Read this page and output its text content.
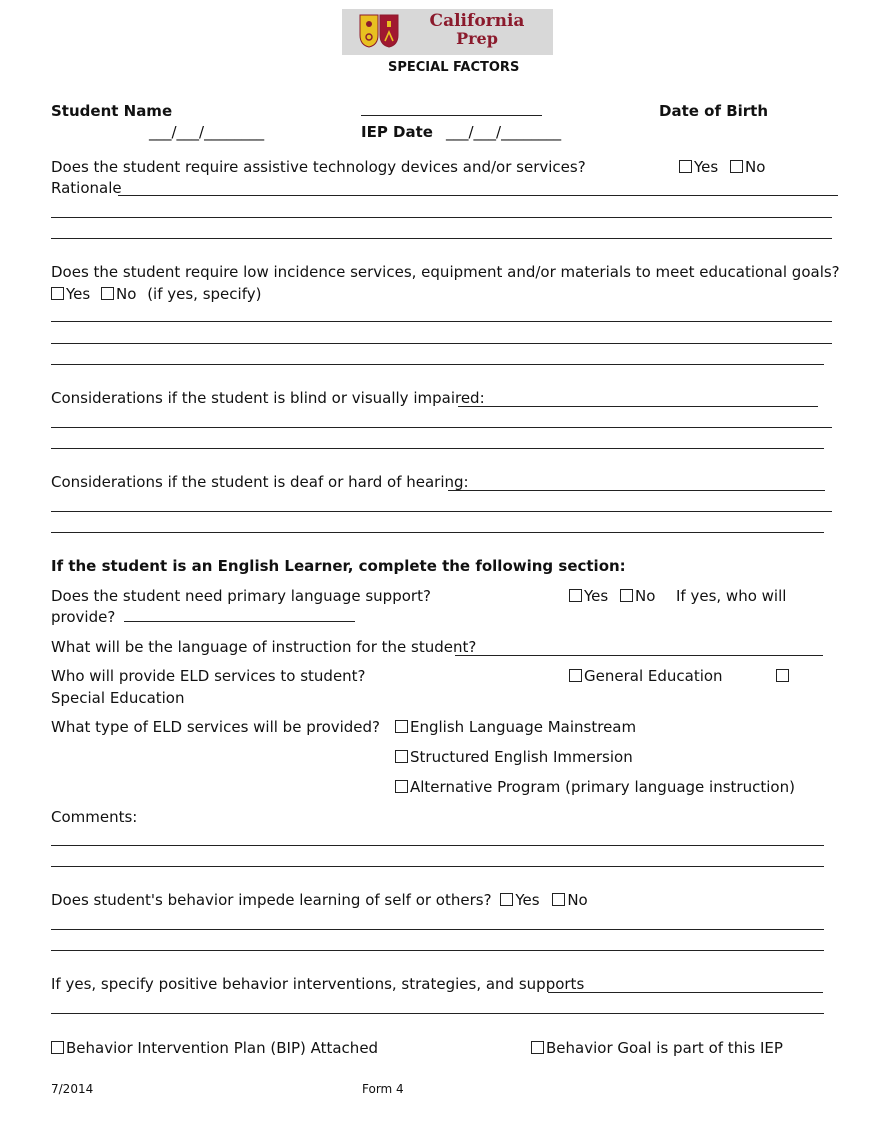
California
Prep
SPECIAL FACTORS
Student Name	Date of Birth
___/___/________	IEP Date ___/___/________
Does the student require assistive technology devices and/or services?	Yes	No
Rationale
Does the student require low incidence services, equipment and/or materials to meet educational goals?
Yes No (if yes, specify)
Considerations if the student is blind or visually impaired:
Considerations if the student is deaf or hard of hearing:
If the student is an English Learner, complete the following section:
Does the student need primary language support?	Yes	No If yes, who will
provide?
What will be the language of instruction for the student?
Who will provide ELD services to student?	General Education
Special Education
What type of ELD services will be provided?	English Language Mainstream
Structured English Immersion
Alternative Program (primary language instruction)
Comments:
Does student's behavior impede learning of self or others? Yes No
If yes, specify positive behavior interventions, strategies, and supports
Behavior Intervention Plan (BIP) Attached	Behavior Goal is part of this IEP
7/2014	Form 4
